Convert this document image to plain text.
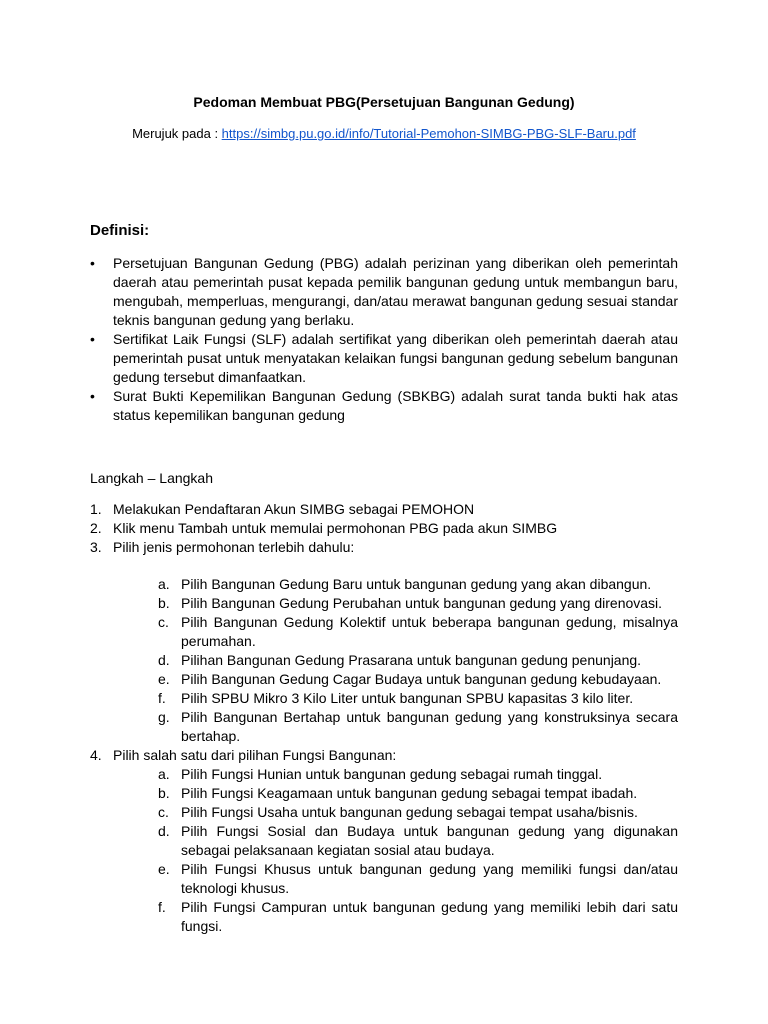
Pedoman Membuat PBG(Persetujuan Bangunan Gedung)
Merujuk pada : https://simbg.pu.go.id/info/Tutorial-Pemohon-SIMBG-PBG-SLF-Baru.pdf
Definisi:
• Persetujuan Bangunan Gedung (PBG) adalah perizinan yang diberikan oleh pemerintah daerah atau pemerintah pusat kepada pemilik bangunan gedung untuk membangun baru, mengubah, memperluas, mengurangi, dan/atau merawat bangunan gedung sesuai standar teknis bangunan gedung yang berlaku.
• Sertifikat Laik Fungsi (SLF) adalah sertifikat yang diberikan oleh pemerintah daerah atau pemerintah pusat untuk menyatakan kelaikan fungsi bangunan gedung sebelum bangunan gedung tersebut dimanfaatkan.
• Surat Bukti Kepemilikan Bangunan Gedung (SBKBG) adalah surat tanda bukti hak atas status kepemilikan bangunan gedung
Langkah – Langkah
1. Melakukan Pendaftaran Akun SIMBG sebagai PEMOHON
2. Klik menu Tambah untuk memulai permohonan PBG pada akun SIMBG
3. Pilih jenis permohonan terlebih dahulu:
a. Pilih Bangunan Gedung Baru untuk bangunan gedung yang akan dibangun.
b. Pilih Bangunan Gedung Perubahan untuk bangunan gedung yang direnovasi.
c. Pilih Bangunan Gedung Kolektif untuk beberapa bangunan gedung, misalnya perumahan.
d. Pilihan Bangunan Gedung Prasarana untuk bangunan gedung penunjang.
e. Pilih Bangunan Gedung Cagar Budaya untuk bangunan gedung kebudayaan.
f. Pilih SPBU Mikro 3 Kilo Liter untuk bangunan SPBU kapasitas 3 kilo liter.
g. Pilih Bangunan Bertahap untuk bangunan gedung yang konstruksinya secara bertahap.
4. Pilih salah satu dari pilihan Fungsi Bangunan:
a. Pilih Fungsi Hunian untuk bangunan gedung sebagai rumah tinggal.
b. Pilih Fungsi Keagamaan untuk bangunan gedung sebagai tempat ibadah.
c. Pilih Fungsi Usaha untuk bangunan gedung sebagai tempat usaha/bisnis.
d. Pilih Fungsi Sosial dan Budaya untuk bangunan gedung yang digunakan sebagai pelaksanaan kegiatan sosial atau budaya.
e. Pilih Fungsi Khusus untuk bangunan gedung yang memiliki fungsi dan/atau teknologi khusus.
f. Pilih Fungsi Campuran untuk bangunan gedung yang memiliki lebih dari satu fungsi.
